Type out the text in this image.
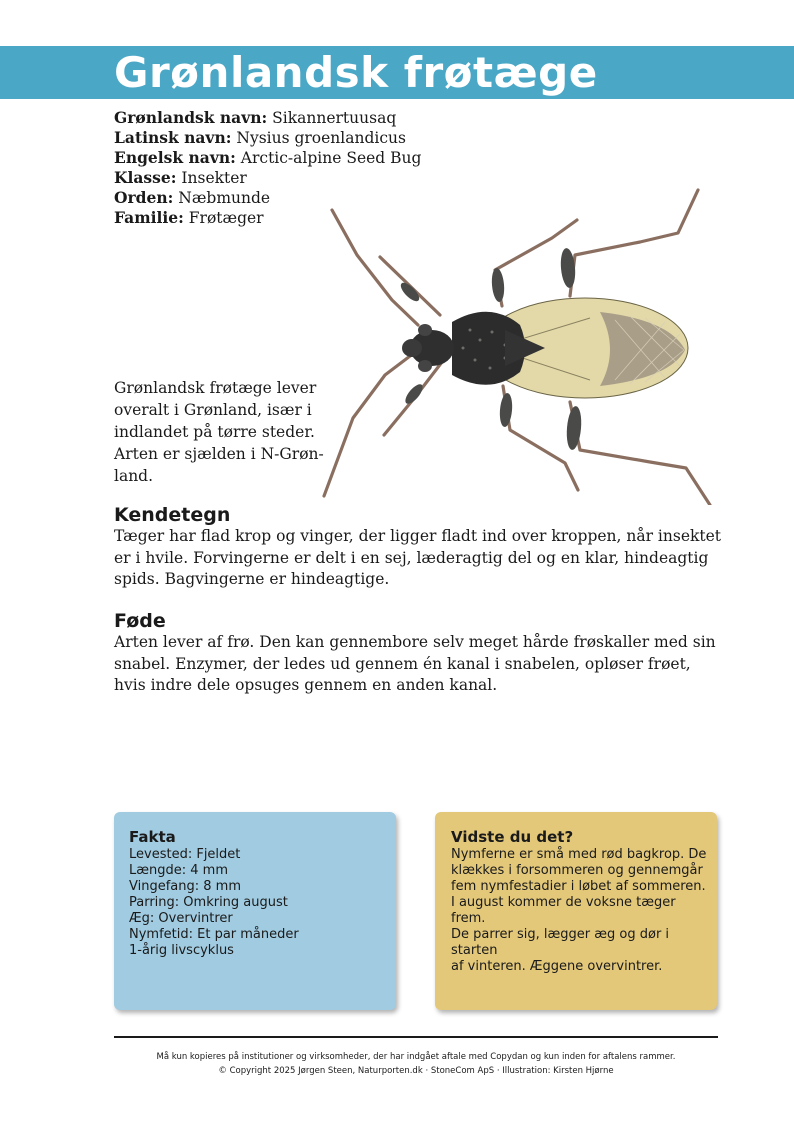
Grønlandsk frøtæge
Grønlandsk navn: Sikannertuusaq
Latinsk navn: Nysius groenlandicus
Engelsk navn: Arctic-alpine Seed Bug
Klasse: Insekter
Orden: Næbmunde
Familie: Frøtæger
Grønlandsk frøtæge lever overalt i Grønland, især i indlandet på tørre steder. Arten er sjælden i N-Grønland.
Kendetegn

Tæger har flad krop og vinger, der ligger fladt ind over kroppen, når insektet er i hvile. Forvingerne er delt i en sej, læderagtig del og en klar, hindeagtig spids. Bagvingerne er hindeagtige.

Føde

Arten lever af frø. Den kan gennembore selv meget hårde frøskaller med sin snabel. Enzymer, der ledes ud gennem én kanal i snabelen, opløser frøet, hvis indre dele opsuges gennem en anden kanal.

Fakta
Levested: Fjeldet
Længde: 4 mm
Vingefang: 8 mm
Parring: Omkring august
Æg: Overvintrer
Nymfetid: Et par måneder
1-årig livscyklus
Vidste du det?
Nymferne er små med rød bagkrop. De
klækkes i forsommeren og gennemgår
fem nymfestadier i løbet af sommeren.
I august kommer de voksne tæger frem.
De parrer sig, lægger æg og dør i starten
af vinteren. Æggene overvintrer.
Må kun kopieres på institutioner og virksomheder, der har indgået aftale med Copydan og kun inden for aftalens rammer.
© Copyright 2025 Jørgen Steen, Naturporten.dk · StoneCom ApS · Illustration: Kirsten Hjørne
